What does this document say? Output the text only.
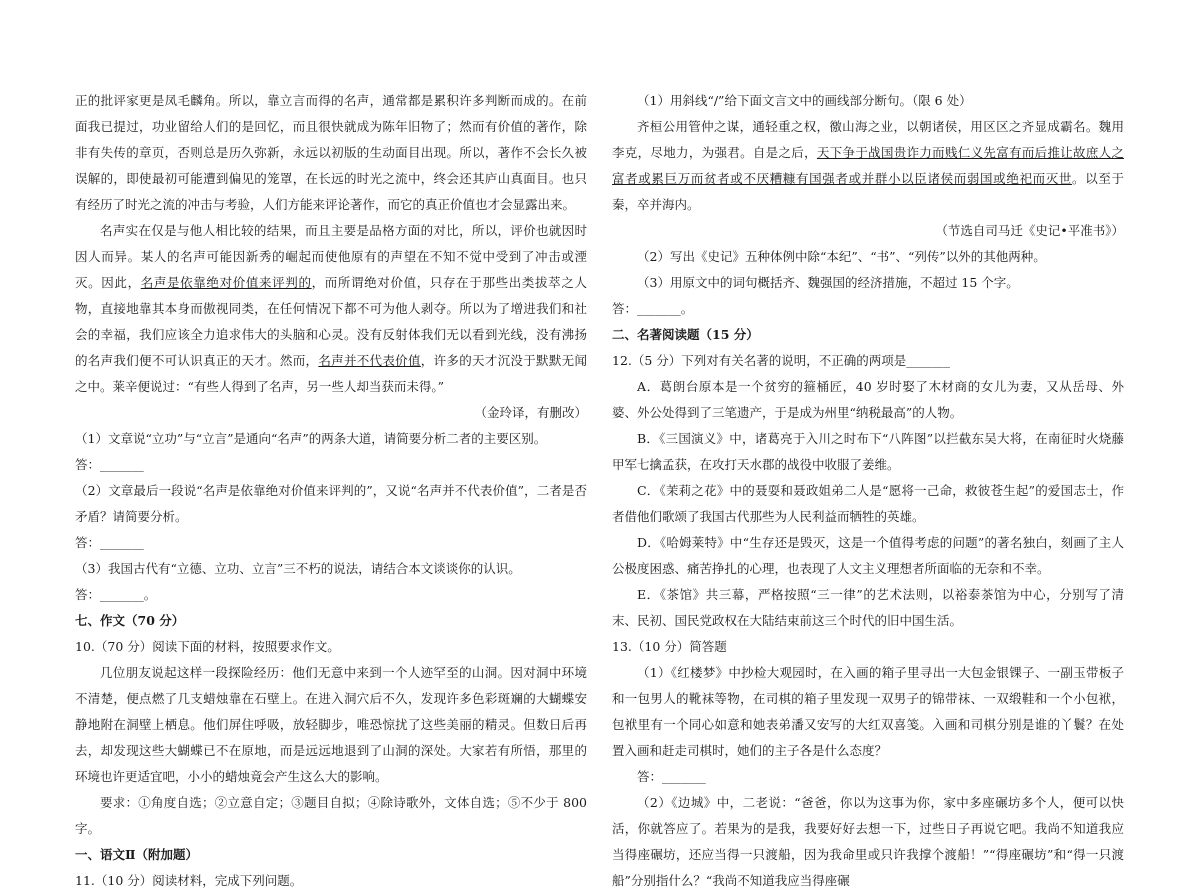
正的批评家更是凤毛麟角。所以，靠立言而得的名声，通常都是累积许多判断而成的。在前面我已提过，功业留给人们的是回忆，而且很快就成为陈年旧物了；然而有价值的著作，除非有失传的章页，否则总是历久弥新，永远以初版的生动面目出现。所以，著作不会长久被误解的，即使最初可能遭到偏见的笼罩，在长远的时光之流中，终会还其庐山真面目。也只有经历了时光之流的冲击与考验，人们方能来评论著作，而它的真正价值也才会显露出来。

名声实在仅是与他人相比较的结果，而且主要是品格方面的对比，所以，评价也就因时因人而异。某人的名声可能因新秀的崛起而使他原有的声望在不知不觉中受到了冲击或湮灭。因此，名声是依靠绝对价值来评判的，而所谓绝对价值，只存在于那些出类拔萃之人物，直接地靠其本身而傲视同类，在任何情况下都不可为他人剥夺。所以为了增进我们和社会的幸福，我们应该全力追求伟大的头脑和心灵。没有反射体我们无以看到光线，没有沸扬的名声我们便不可认识真正的天才。然而，名声并不代表价值，许多的天才沉没于默默无闻之中。莱辛便说过：“有些人得到了名声，另一些人却当获而未得。”

（金玲译，有删改）

（1）文章说“立功”与“立言”是通向“名声”的两条大道，请简要分析二者的主要区别。

答：_______

（2）文章最后一段说“名声是依靠绝对价值来评判的”，又说“名声并不代表价值”，二者是否矛盾？请简要分析。

答：_______

（3）我国古代有“立德、立功、立言”三不朽的说法，请结合本文谈谈你的认识。

答：_______。

七、作文（70 分）

10.（70 分）阅读下面的材料，按照要求作文。

几位朋友说起这样一段探险经历：他们无意中来到一个人迹罕至的山洞。因对洞中环境不清楚，便点燃了几支蜡烛靠在石壁上。在进入洞穴后不久，发现许多色彩斑斓的大蝴蝶安静地附在洞壁上栖息。他们屏住呼吸，放轻脚步，唯恐惊扰了这些美丽的精灵。但数日后再去，却发现这些大蝴蝶已不在原地，而是远远地退到了山洞的深处。大家若有所悟，那里的环境也许更适宜吧，小小的蜡烛竟会产生这么大的影响。

要求：①角度自选；②立意自定；③题目自拟；④除诗歌外，文体自选；⑤不少于 800 字。

一、语文Ⅱ（附加题）

11.（10 分）阅读材料，完成下列问题。

（1）用斜线“/”给下面文言文中的画线部分断句。（限 6 处）

齐桓公用管仲之谋，通轻重之权，徼山海之业，以朝诸侯，用区区之齐显成霸名。魏用李克，尽地力，为强君。自是之后，天下争于战国贵诈力而贱仁义先富有而后推让故庶人之富者或累巨万而贫者或不厌糟糠有国强者或并群小以臣诸侯而弱国或绝祀而灭世。以至于秦，卒并海内。

（节选自司马迁《史记•平准书》）

（2）写出《史记》五种体例中除“本纪”、“书”、“列传”以外的其他两种。

（3）用原文中的词句概括齐、魏强国的经济措施，不超过 15 个字。

答：_______。

二、名著阅读题（15 分）

12.（5 分）下列对有关名著的说明，不正确的两项是_______

A．葛朗台原本是一个贫穷的箍桶匠，40 岁时娶了木材商的女儿为妻，又从岳母、外婆、外公处得到了三笔遗产，于是成为州里“纳税最高”的人物。

B．《三国演义》中，诸葛亮于入川之时布下“八阵图”以拦截东吴大将，在南征时火烧藤甲军七擒孟获，在攻打天水郡的战役中收服了姜维。

C．《茉莉之花》中的聂耍和聂政姐弟二人是“愿将一己命，救彼苍生起”的爱国志士，作者借他们歌颂了我国古代那些为人民利益而牺牲的英雄。

D．《哈姆莱特》中“生存还是毁灭，这是一个值得考虑的问题”的著名独白，刻画了主人公极度困惑、痛苦挣扎的心理，也表现了人文主义理想者所面临的无奈和不幸。

E．《茶馆》共三幕，严格按照“三一律”的艺术法则，以裕泰茶馆为中心，分别写了清末、民初、国民党政权在大陆结束前这三个时代的旧中国生活。

13.（10 分）简答题

（1）《红楼梦》中抄检大观园时，在入画的箱子里寻出一大包金银锞子、一副玉带板子和一包男人的靴袜等物，在司棋的箱子里发现一双男子的锦带袜、一双缎鞋和一个小包袱，包袱里有一个同心如意和她表弟潘又安写的大红双喜笺。入画和司棋分别是谁的丫鬟？在处置入画和赶走司棋时，她们的主子各是什么态度？

答：_______

（2）《边城》中，二老说：“爸爸，你以为这事为你，家中多座碾坊多个人，便可以快活，你就答应了。若果为的是我，我要好好去想一下，过些日子再说它吧。我尚不知道我应当得座碾坊，还应当得一只渡船，因为我命里或只许我撑个渡船！”“得座碾坊”和“得一只渡船”分别指什么？“我尚不知道我应当得座碾
